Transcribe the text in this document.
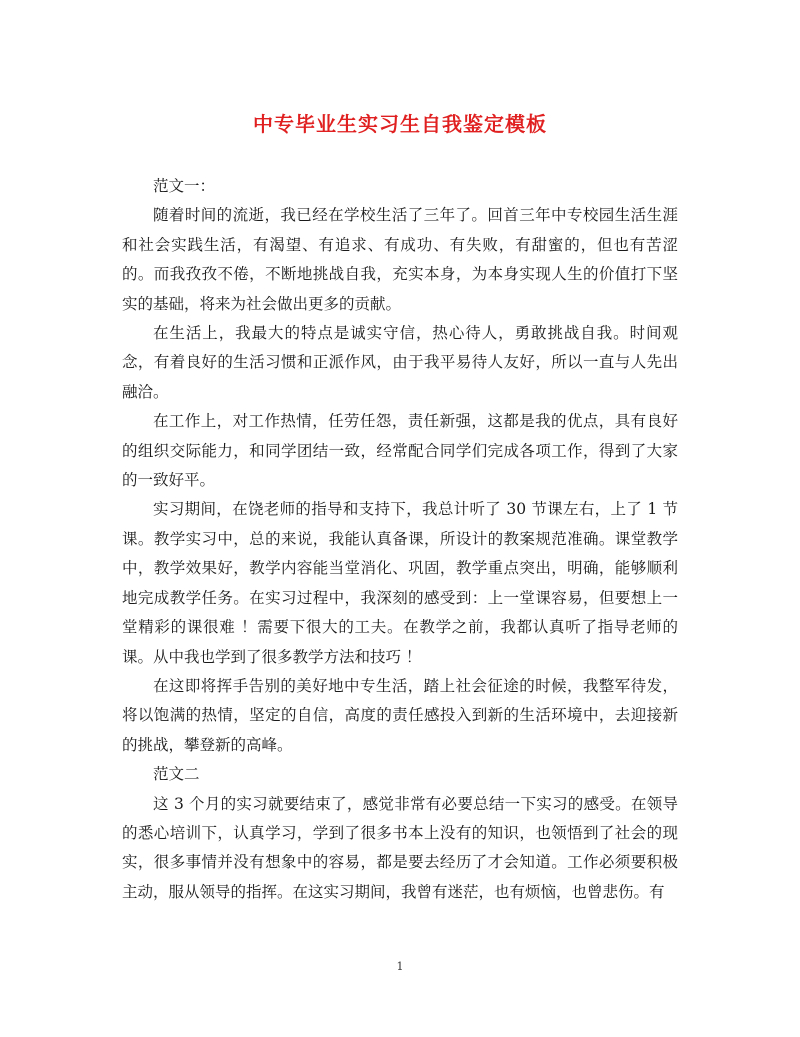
中专毕业生实习生自我鉴定模板

范文一：

随着时间的流逝，我已经在学校生活了三年了。回首三年中专校园生活生涯和社会实践生活，有渴望、有追求、有成功、有失败，有甜蜜的，但也有苦涩的。而我孜孜不倦，不断地挑战自我，充实本身，为本身实现人生的价值打下坚实的基础，将来为社会做出更多的贡献。

在生活上，我最大的特点是诚实守信，热心待人，勇敢挑战自我。时间观念，有着良好的生活习惯和正派作风，由于我平易待人友好，所以一直与人先出融洽。

在工作上，对工作热情，任劳任怨，责任新强，这都是我的优点，具有良好的组织交际能力，和同学团结一致，经常配合同学们完成各项工作，得到了大家的一致好平。

实习期间，在饶老师的指导和支持下，我总计听了 30 节课左右，上了 1 节课。教学实习中，总的来说，我能认真备课，所设计的教案规范准确。课堂教学中，教学效果好，教学内容能当堂消化、巩固，教学重点突出，明确，能够顺利地完成教学任务。在实习过程中，我深刻的感受到：上一堂课容易，但要想上一堂精彩的课很难 ！需要下很大的工夫。在教学之前，我都认真听了指导老师的课。从中我也学到了很多教学方法和技巧 ！

在这即将挥手告别的美好地中专生活，踏上社会征途的时候，我整军待发，将以饱满的热情，坚定的自信，高度的责任感投入到新的生活环境中，去迎接新的挑战，攀登新的高峰。

范文二

这 3 个月的实习就要结束了，感觉非常有必要总结一下实习的感受。在领导的悉心培训下，认真学习，学到了很多书本上没有的知识，也领悟到了社会的现实，很多事情并没有想象中的容易，都是要去经历了才会知道。工作必须要积极主动，服从领导的指挥。在这实习期间，我曾有迷茫，也有烦恼，也曾悲伤。有

1
